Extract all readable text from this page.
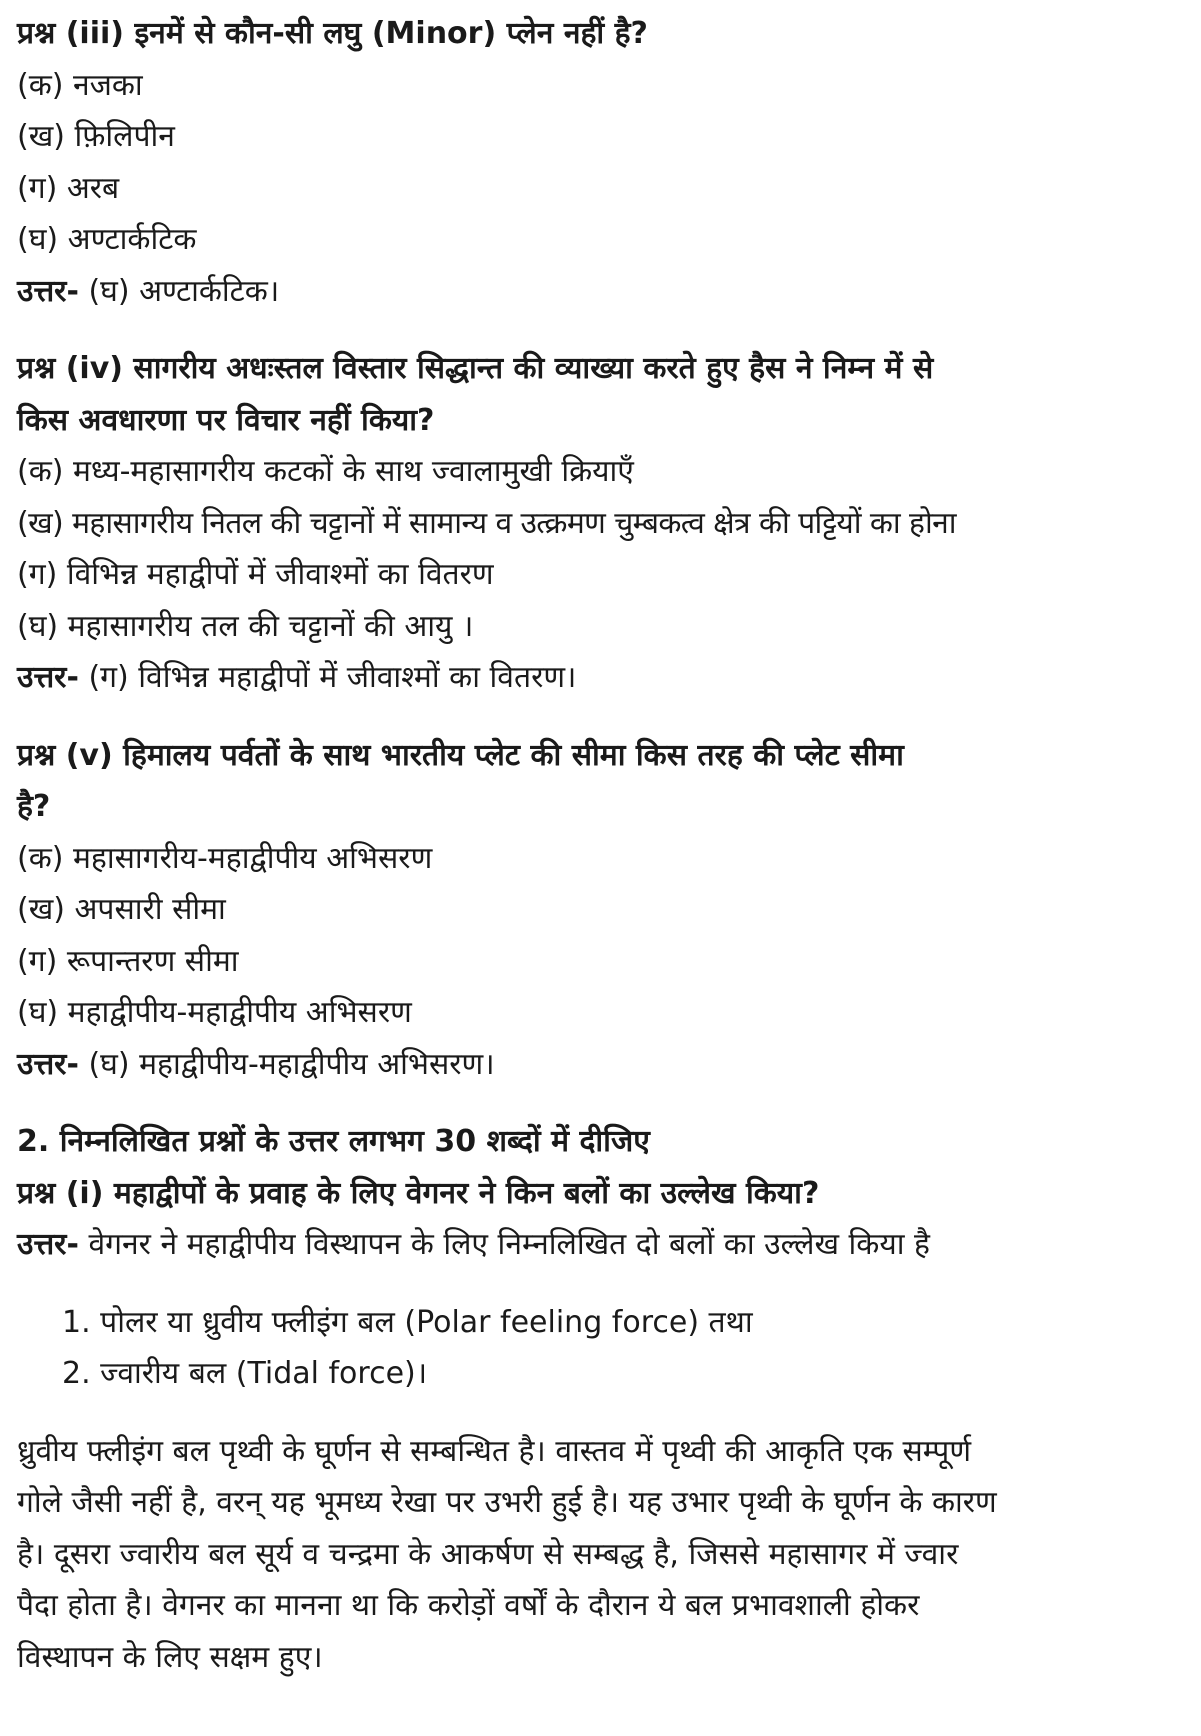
प्रश्न (iii) इनमें से कौन-सी लघु (Minor) प्लेन नहीं है?

(क) नजका

(ख) फ़िलिपीन

(ग) अरब

(घ) अण्टार्कटिक

उत्तर- (घ) अण्टार्कटिक।

प्रश्न (iv) सागरीय अधःस्तल विस्तार सिद्धान्त की व्याख्या करते हुए हैस ने निम्न में से

किस अवधारणा पर विचार नहीं किया?

(क) मध्य-महासागरीय कटकों के साथ ज्वालामुखी क्रियाएँ

(ख) महासागरीय नितल की चट्टानों में सामान्य व उत्क्रमण चुम्बकत्व क्षेत्र की पट्टियों का होना

(ग) विभिन्न महाद्वीपों में जीवाश्मों का वितरण

(घ) महासागरीय तल की चट्टानों की आयु ।

उत्तर- (ग) विभिन्न महाद्वीपों में जीवाश्मों का वितरण।

प्रश्न (v) हिमालय पर्वतों के साथ भारतीय प्लेट की सीमा किस तरह की प्लेट सीमा

है?

(क) महासागरीय-महाद्वीपीय अभिसरण

(ख) अपसारी सीमा

(ग) रूपान्तरण सीमा

(घ) महाद्वीपीय-महाद्वीपीय अभिसरण

उत्तर- (घ) महाद्वीपीय-महाद्वीपीय अभिसरण।

2. निम्नलिखित प्रश्नों के उत्तर लगभग 30 शब्दों में दीजिए

प्रश्न (i) महाद्वीपों के प्रवाह के लिए वेगनर ने किन बलों का उल्लेख किया?

उत्तर- वेगनर ने महाद्वीपीय विस्थापन के लिए निम्नलिखित दो बलों का उल्लेख किया है

1. पोलर या ध्रुवीय फ्लीइंग बल (Polar feeling force) तथा
2. ज्वारीय बल (Tidal force)।

ध्रुवीय फ्लीइंग बल पृथ्वी के घूर्णन से सम्बन्धित है। वास्तव में पृथ्वी की आकृति एक सम्पूर्ण
गोले जैसी नहीं है, वरन् यह भूमध्य रेखा पर उभरी हुई है। यह उभार पृथ्वी के घूर्णन के कारण
है। दूसरा ज्वारीय बल सूर्य व चन्द्रमा के आकर्षण से सम्बद्ध है, जिससे महासागर में ज्वार
पैदा होता है। वेगनर का मानना था कि करोड़ों वर्षों के दौरान ये बल प्रभावशाली होकर
विस्थापन के लिए सक्षम हुए।
